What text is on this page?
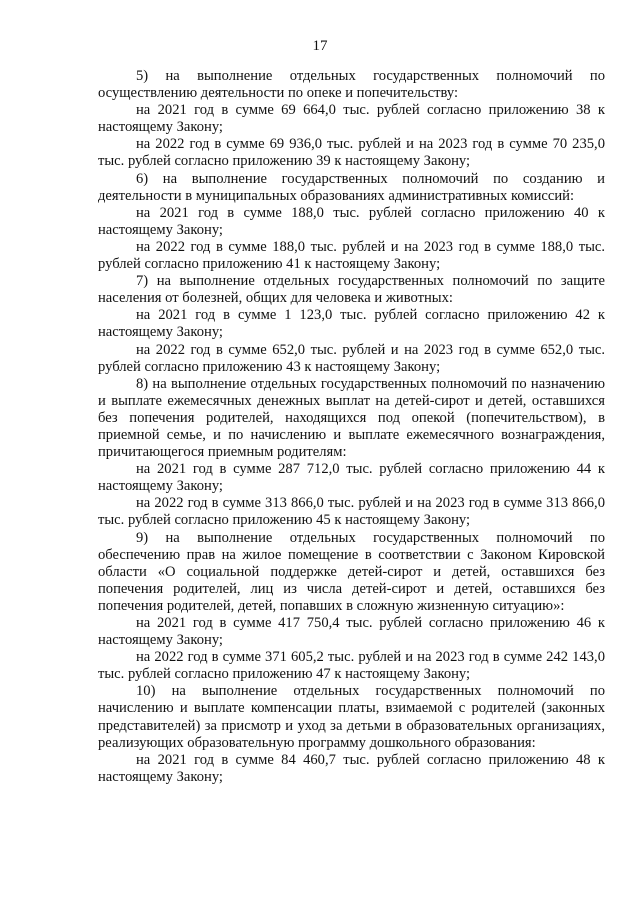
17

5) на выполнение отдельных государственных полномочий по осуществлению деятельности по опеке и попечительству:

на 2021 год в сумме 69 664,0 тыс. рублей согласно приложению 38 к настоящему Закону;

на 2022 год в сумме 69 936,0 тыс. рублей и на 2023 год в сумме 70 235,0 тыс. рублей согласно приложению 39 к настоящему Закону;

6) на выполнение государственных полномочий по созданию и деятельности в муниципальных образованиях административных комиссий:

на 2021 год в сумме 188,0 тыс. рублей согласно приложению 40 к настоящему Закону;

на 2022 год в сумме 188,0 тыс. рублей и на 2023 год в сумме 188,0 тыс. рублей согласно приложению 41 к настоящему Закону;

7) на выполнение отдельных государственных полномочий по защите населения от болезней, общих для человека и животных:

на 2021 год в сумме 1 123,0 тыс. рублей согласно приложению 42 к настоящему Закону;

на 2022 год в сумме 652,0 тыс. рублей и на 2023 год в сумме 652,0 тыс. рублей согласно приложению 43 к настоящему Закону;

8) на выполнение отдельных государственных полномочий по назначению и выплате ежемесячных денежных выплат на детей-сирот и детей, оставшихся без попечения родителей, находящихся под опекой (попечительством), в приемной семье, и по начислению и выплате ежемесячного вознаграждения, причитающегося приемным родителям:

на 2021 год в сумме 287 712,0 тыс. рублей согласно приложению 44 к настоящему Закону;

на 2022 год в сумме 313 866,0 тыс. рублей и на 2023 год в сумме 313 866,0 тыс. рублей согласно приложению 45 к настоящему Закону;

9) на выполнение отдельных государственных полномочий по обеспечению прав на жилое помещение в соответствии с Законом Кировской области «О социальной поддержке детей-сирот и детей, оставшихся без попечения родителей, лиц из числа детей-сирот и детей, оставшихся без попечения родителей, детей, попавших в сложную жизненную ситуацию»:

на 2021 год в сумме 417 750,4 тыс. рублей согласно приложению 46 к настоящему Закону;

на 2022 год в сумме 371 605,2 тыс. рублей и на 2023 год в сумме 242 143,0 тыс. рублей согласно приложению 47 к настоящему Закону;

10) на выполнение отдельных государственных полномочий по начислению и выплате компенсации платы, взимаемой с родителей (законных представителей) за присмотр и уход за детьми в образовательных организациях, реализующих образовательную программу дошкольного образования:

на 2021 год в сумме 84 460,7 тыс. рублей согласно приложению 48 к настоящему Закону;
